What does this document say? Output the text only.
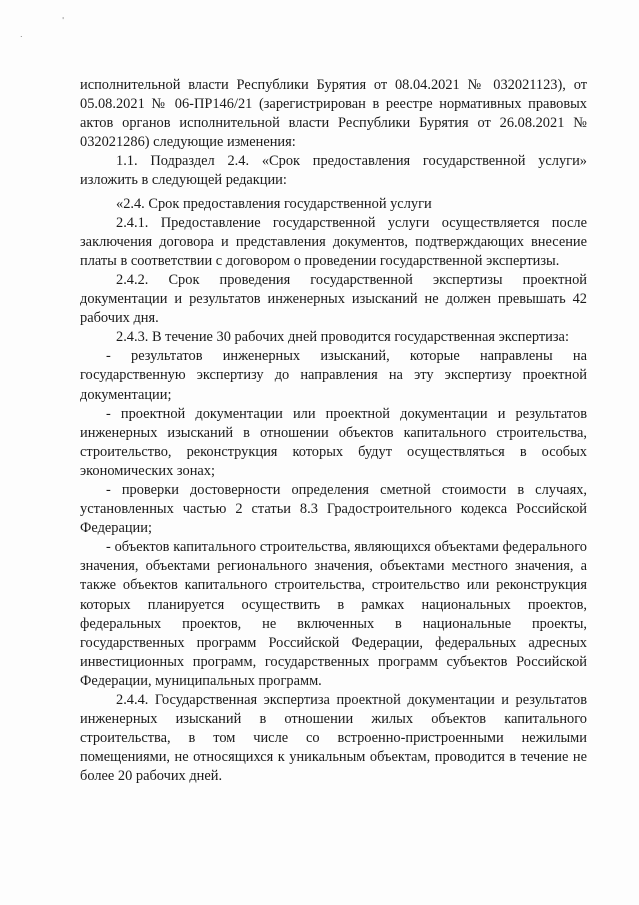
'
.

исполнительной власти Республики Бурятия от 08.04.2021 № 032021123), от 05.08.2021 № 06-ПР146/21 (зарегистрирован в реестре нормативных правовых актов органов исполнительной власти Республики Бурятия от 26.08.2021 № 032021286) следующие изменения:

1.1. Подраздел 2.4. «Срок предоставления государственной услуги» изложить в следующей редакции:

«2.4. Срок предоставления государственной услуги

2.4.1. Предоставление государственной услуги осуществляется после заключения договора и представления документов, подтверждающих внесение платы в соответствии с договором о проведении государственной экспертизы.

2.4.2. Срок проведения государственной экспертизы проектной документации и результатов инженерных изысканий не должен превышать 42 рабочих дня.

2.4.3. В течение 30 рабочих дней проводится государственная экспертиза:

- результатов инженерных изысканий, которые направлены на государственную экспертизу до направления на эту экспертизу проектной документации;

- проектной документации или проектной документации и результатов инженерных изысканий в отношении объектов капитального строительства, строительство, реконструкция которых будут осуществляться в особых экономических зонах;

- проверки достоверности определения сметной стоимости в случаях, установленных частью 2 статьи 8.3 Градостроительного кодекса Российской Федерации;

- объектов капитального строительства, являющихся объектами федерального значения, объектами регионального значения, объектами местного значения, а также объектов капитального строительства, строительство или реконструкция которых планируется осуществить в рамках национальных проектов, федеральных проектов, не включенных в национальные проекты, государственных программ Российской Федерации, федеральных адресных инвестиционных программ, государственных программ субъектов Российской Федерации, муниципальных программ.

2.4.4. Государственная экспертиза проектной документации и результатов инженерных изысканий в отношении жилых объектов капитального строительства, в том числе со встроенно-пристроенными нежилыми помещениями, не относящихся к уникальным объектам, проводится в течение не более 20 рабочих дней.
